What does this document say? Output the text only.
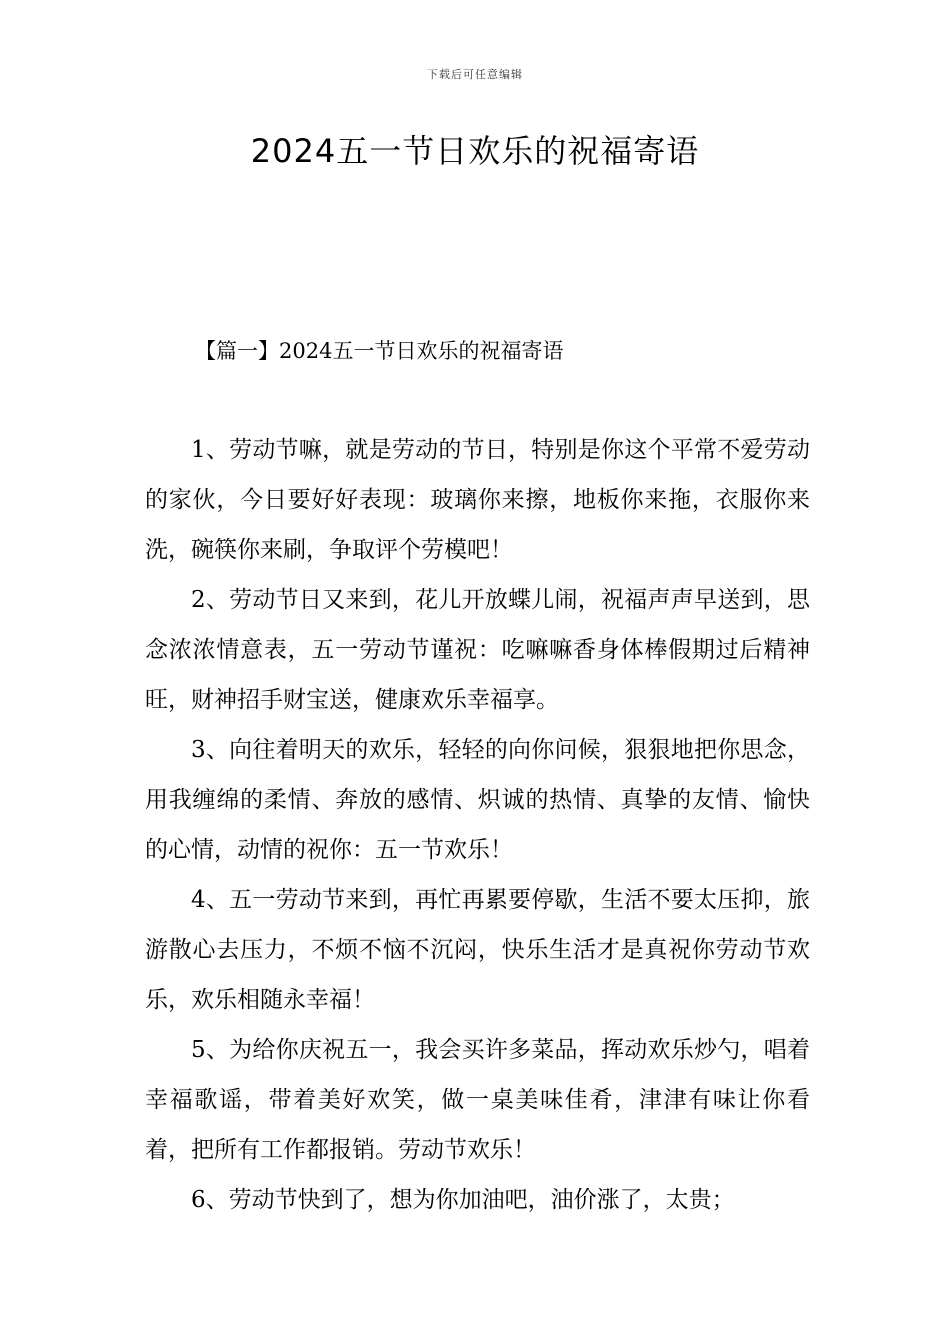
下载后可任意编辑
2024五一节日欢乐的祝福寄语
【篇一】2024五一节日欢乐的祝福寄语

1、劳动节嘛，就是劳动的节日，特别是你这个平常不爱劳动的家伙，今日要好好表现：玻璃你来擦，地板你来拖，衣服你来洗，碗筷你来刷，争取评个劳模吧！

2、劳动节日又来到，花儿开放蝶儿闹，祝福声声早送到，思念浓浓情意表，五一劳动节谨祝：吃嘛嘛香身体棒假期过后精神旺，财神招手财宝送，健康欢乐幸福享。

3、向往着明天的欢乐，轻轻的向你问候，狠狠地把你思念，用我缠绵的柔情、奔放的感情、炽诚的热情、真挚的友情、愉快的心情，动情的祝你：五一节欢乐！

4、五一劳动节来到，再忙再累要停歇，生活不要太压抑，旅游散心去压力，不烦不恼不沉闷，快乐生活才是真祝你劳动节欢乐，欢乐相随永幸福！

5、为给你庆祝五一，我会买许多菜品，挥动欢乐炒勺，唱着幸福歌谣，带着美好欢笑，做一桌美味佳肴，津津有味让你看着，把所有工作都报销。劳动节欢乐！

6、劳动节快到了，想为你加油吧，油价涨了，太贵；
